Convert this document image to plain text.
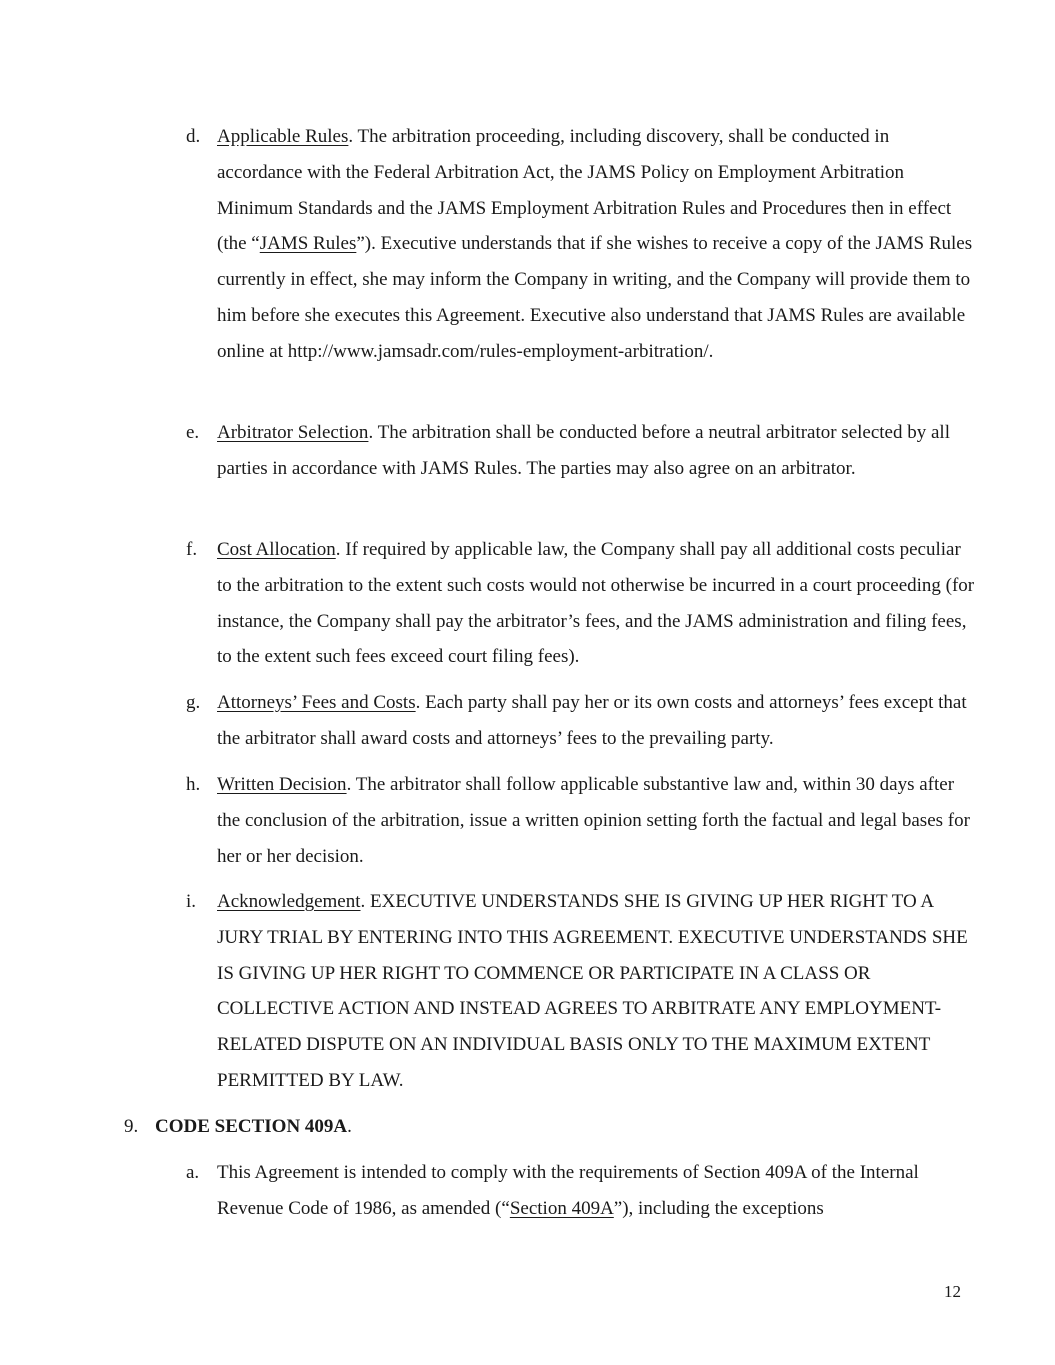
d. Applicable Rules. The arbitration proceeding, including discovery, shall be conducted in accordance with the Federal Arbitration Act, the JAMS Policy on Employment Arbitration Minimum Standards and the JAMS Employment Arbitration Rules and Procedures then in effect (the “JAMS Rules”). Executive understands that if she wishes to receive a copy of the JAMS Rules currently in effect, she may inform the Company in writing, and the Company will provide them to him before she executes this Agreement. Executive also understand that JAMS Rules are available online at http://www.jamsadr.com/rules-employment-arbitration/.
e. Arbitrator Selection. The arbitration shall be conducted before a neutral arbitrator selected by all parties in accordance with JAMS Rules. The parties may also agree on an arbitrator.
f. Cost Allocation. If required by applicable law, the Company shall pay all additional costs peculiar to the arbitration to the extent such costs would not otherwise be incurred in a court proceeding (for instance, the Company shall pay the arbitrator’s fees, and the JAMS administration and filing fees, to the extent such fees exceed court filing fees).
g. Attorneys’ Fees and Costs. Each party shall pay her or its own costs and attorneys’ fees except that the arbitrator shall award costs and attorneys’ fees to the prevailing party.
h. Written Decision. The arbitrator shall follow applicable substantive law and, within 30 days after the conclusion of the arbitration, issue a written opinion setting forth the factual and legal bases for her or her decision.
i. Acknowledgement. EXECUTIVE UNDERSTANDS SHE IS GIVING UP HER RIGHT TO A JURY TRIAL BY ENTERING INTO THIS AGREEMENT. EXECUTIVE UNDERSTANDS SHE IS GIVING UP HER RIGHT TO COMMENCE OR PARTICIPATE IN A CLASS OR COLLECTIVE ACTION AND INSTEAD AGREES TO ARBITRATE ANY EMPLOYMENT-RELATED DISPUTE ON AN INDIVIDUAL BASIS ONLY TO THE MAXIMUM EXTENT PERMITTED BY LAW.
9. CODE SECTION 409A.
a. This Agreement is intended to comply with the requirements of Section 409A of the Internal Revenue Code of 1986, as amended (“Section 409A”), including the exceptions
12
